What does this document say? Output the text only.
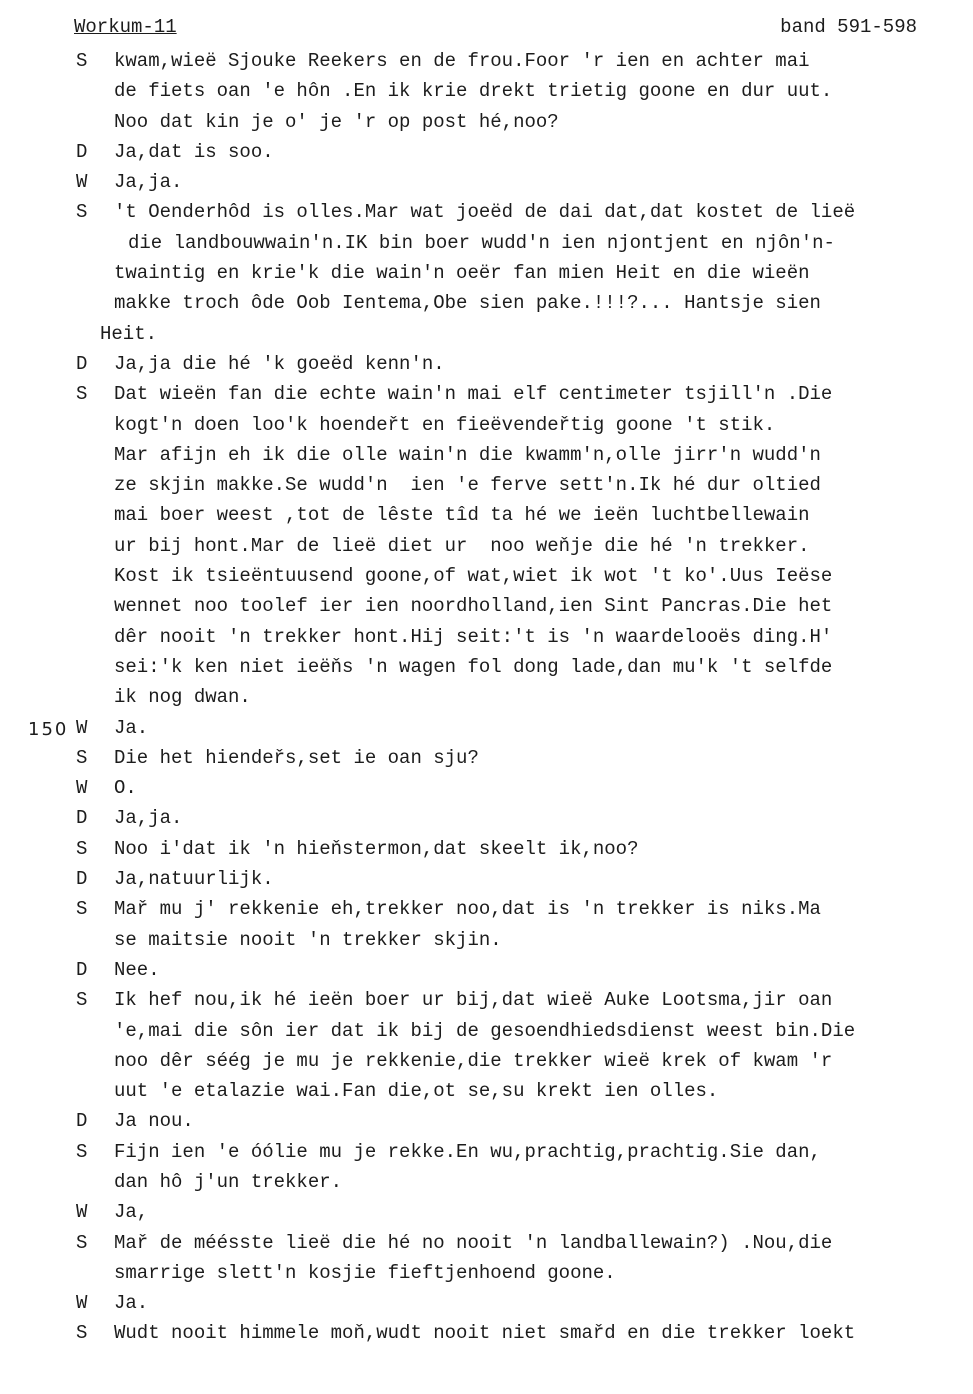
Workum-11	band 591-598
150
S	kwam,wieë Sjouke Reekers en de frou.Foor ′r ien en achter mai
de fiets oan ′e hôn .En ik krie drekt trietig goone en dur uut.
Noo dat kin je o′ je ′r op post hé,noo?
D	Ja,dat is soo.
W	Ja,ja.
S	′t Oenderhôd is olles.Mar wat joeëd de dai dat,dat kostet de lieë
die landbouwwain′n.IK bin boer wudd′n ien njontjent en njôn′n-
twaintig en krie′k die wain′n oeër fan mien Heit en die wieën
makke troch ôde Oob Ientema,Obe sien pake.!!!?... Hantsje sien
Heit.
D	Ja,ja die hé ′k goeëd kenn′n.
S	Dat wieën fan die echte wain′n mai elf centimeter tsjill′n .Die
kogt′n doen loo′k hoendeřt en fieëvendeřtig goone ′t stik.
Mar afijn eh ik die olle wain′n die kwamm′n,olle jirr′n wudd′n
ze skjin makke.Se wudd′n  ien ′e ferve sett′n.Ik hé dur oltied
mai boer weest ,tot de lêste tîd ta hé we ieën luchtbellewain
ur bij hont.Mar de lieë diet ur  noo weňje die hé ′n trekker.
Kost ik tsieëntuusend goone,of wat,wiet ik wot ′t ko′.Uus Ieëse
wennet noo toolef ier ien noordholland,ien Sint Pancras.Die het
dêr nooit ′n trekker hont.Hij seit:′t is ′n waardelooës ding.H′
sei:′k ken niet ieëňs ′n wagen fol dong lade,dan mu′k ′t selfde
ik nog dwan.
W	Ja.
S	Die het hiendeřs,set ie oan sju?
W	O.
D	Ja,ja.
S	Noo i′dat ik ′n hieňstermon,dat skeelt ik,noo?
D	Ja,natuurlijk.
S	Mař mu j′ rekkenie eh,trekker noo,dat is ′n trekker is niks.Ma
se maitsie nooit ′n trekker skjin.
D	Nee.
S	Ik hef nou,ik hé ieën boer ur bij,dat wieë Auke Lootsma,jir oan
′e,mai die sôn ier dat ik bij de gesoendhiedsdienst weest bin.Die
noo dêr séég je mu je rekkenie,die trekker wieë krek of kwam ′r
uut ′e etalazie wai.Fan die,ot se,su krekt ien olles.
D	Ja nou.
S	Fijn ien ′e óólie mu je rekke.En wu,prachtig,prachtig.Sie dan,
dan hô j′un trekker.
W	Ja,
S	Mař de méésste lieë die hé no nooit ′n landballewain?) .Nou,die
smarrige slett′n kosjie fieftjenhoend goone.
W	Ja.
S	Wudt nooit himmele moň,wudt nooit niet smařd en die trekker loekt
